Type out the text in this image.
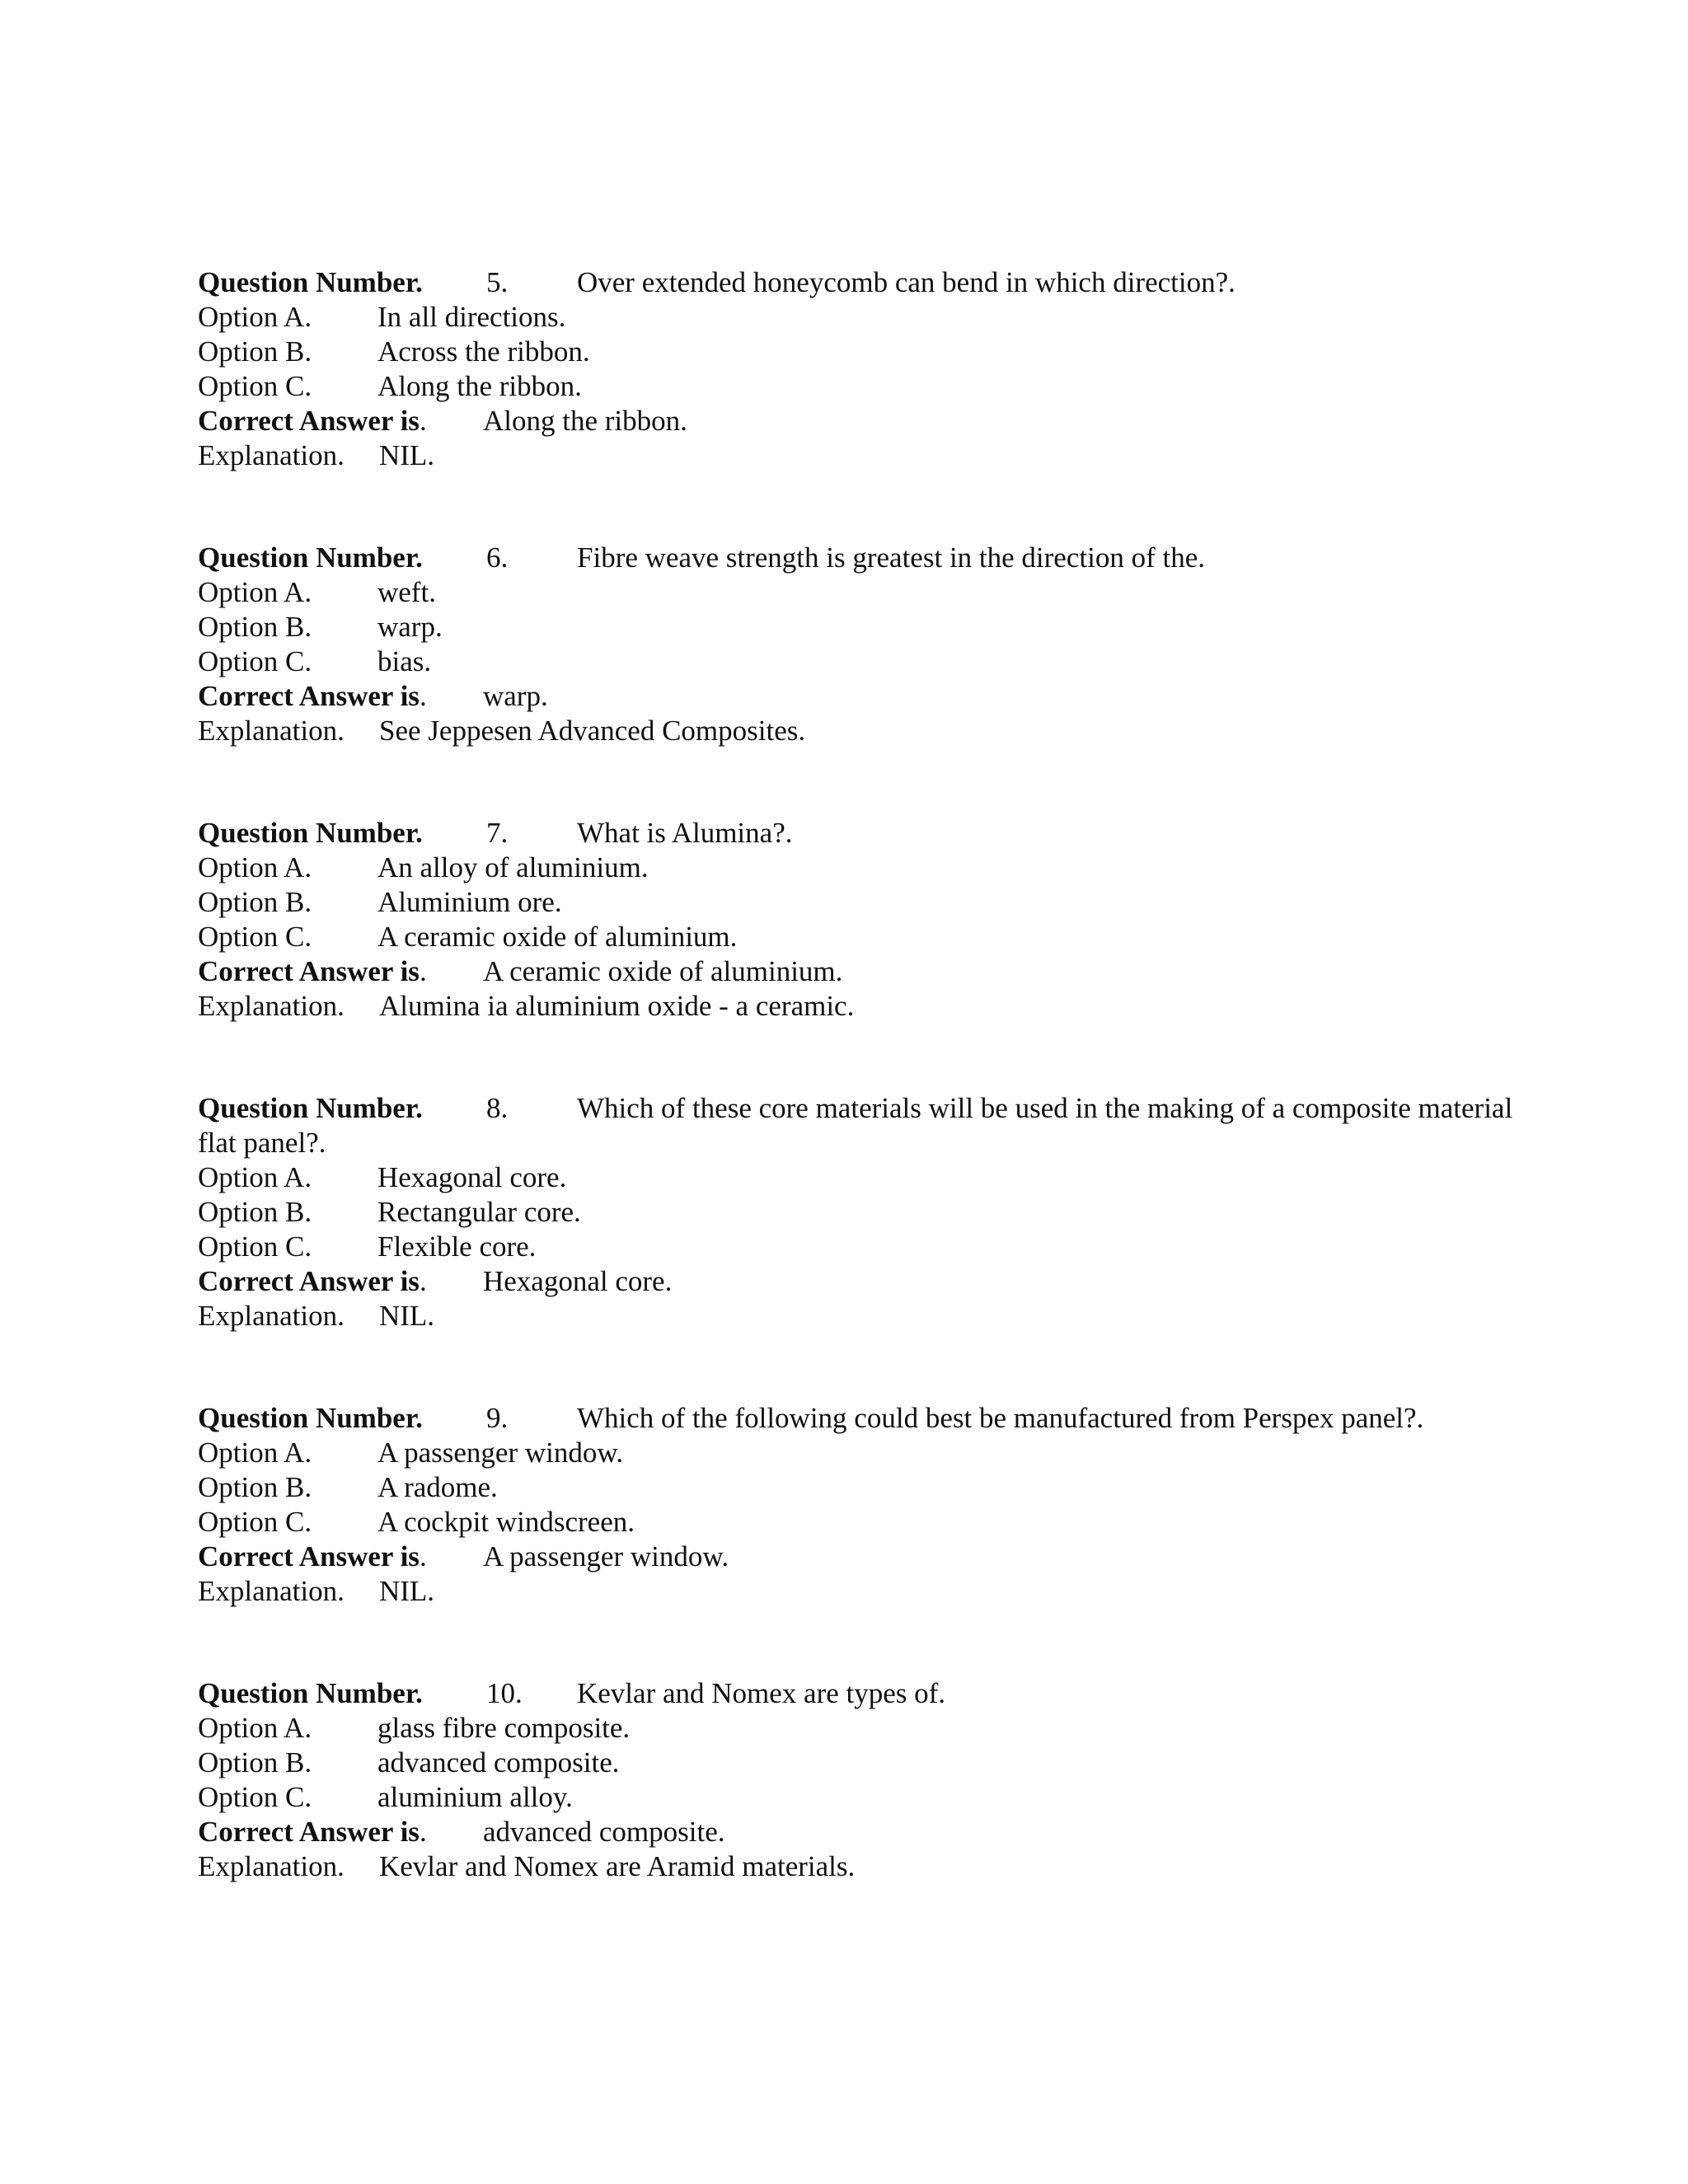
Question Number. 5. Over extended honeycomb can bend in which direction?.
Option A. In all directions.
Option B. Across the ribbon.
Option C. Along the ribbon.
Correct Answer is. Along the ribbon.
Explanation. NIL.
Question Number. 6. Fibre weave strength is greatest in the direction of the.
Option A. weft.
Option B. warp.
Option C. bias.
Correct Answer is. warp.
Explanation. See Jeppesen Advanced Composites.
Question Number. 7. What is Alumina?.
Option A. An alloy of aluminium.
Option B. Aluminium ore.
Option C. A ceramic oxide of aluminium.
Correct Answer is. A ceramic oxide of aluminium.
Explanation. Alumina ia aluminium oxide - a ceramic.
Question Number. 8. Which of these core materials will be used in the making of a composite material flat panel?.
Option A. Hexagonal core.
Option B. Rectangular core.
Option C. Flexible core.
Correct Answer is. Hexagonal core.
Explanation. NIL.
Question Number. 9. Which of the following could best be manufactured from Perspex panel?.
Option A. A passenger window.
Option B. A radome.
Option C. A cockpit windscreen.
Correct Answer is. A passenger window.
Explanation. NIL.
Question Number. 10. Kevlar and Nomex are types of.
Option A. glass fibre composite.
Option B. advanced composite.
Option C. aluminium alloy.
Correct Answer is. advanced composite.
Explanation. Kevlar and Nomex are Aramid materials.
